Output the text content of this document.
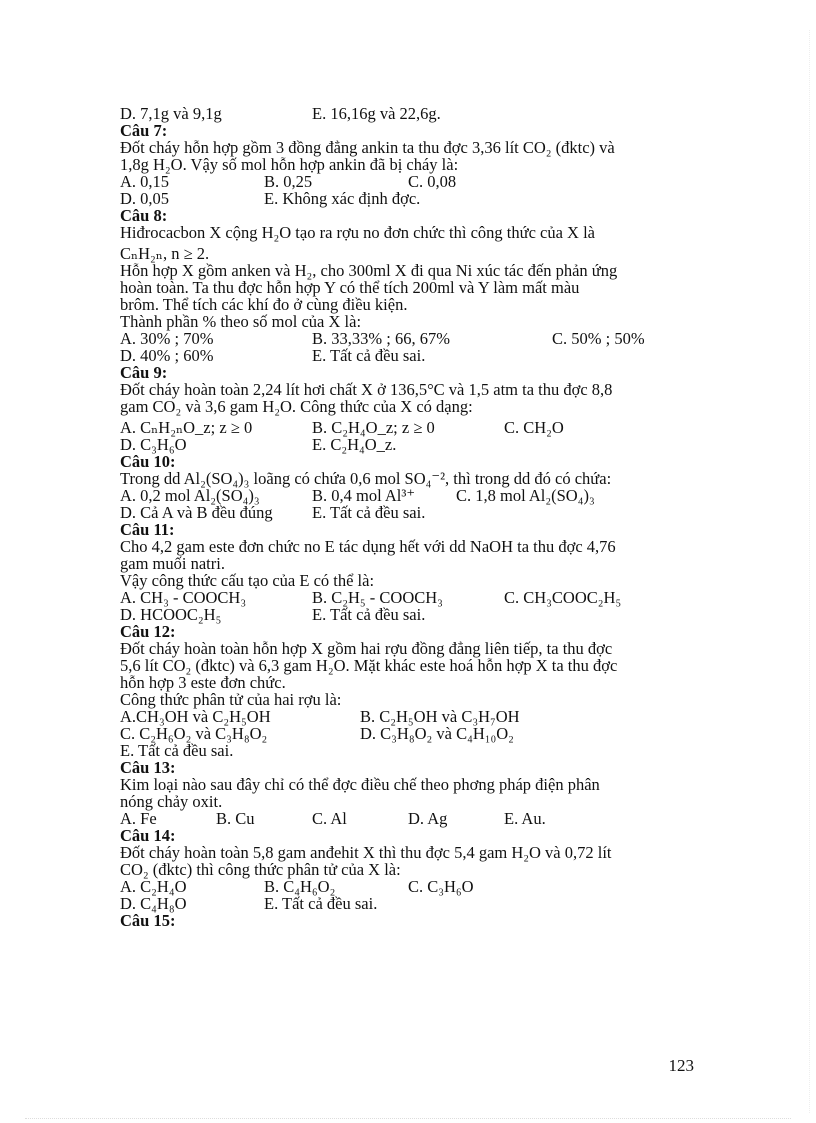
D. 7,1g và 9,1g	E. 16,16g và 22,6g.
Câu 7:
Đốt cháy hỗn hợp gồm 3 đồng đẳng ankin ta thu đợc 3,36 lít CO₂ (đktc) và
1,8g H₂O. Vậy số mol hỗn hợp ankin đã bị cháy là:
A. 0,15	B. 0,25	C. 0,08
D. 0,05	E. Không xác định đợc.
Câu 8:
Hiđrocacbon X cộng H₂O tạo ra rợu no đơn chức thì công thức của X là
CₙH₂ₙ, n ≥ 2.
Hỗn hợp X gồm anken và H₂, cho 300ml X đi qua Ni xúc tác đến phản ứng
hoàn toàn. Ta thu đợc hỗn hợp Y có thể tích 200ml và Y làm mất màu
brôm. Thể tích các khí đo ở cùng điều kiện.
Thành phần % theo số mol của X là:
A. 30% ; 70%	B. 33,33% ; 66, 67%	C. 50% ; 50%
D. 40% ; 60%	E. Tất cả đều sai.
Câu 9:
Đốt cháy hoàn toàn 2,24 lít hơi chất X ở 136,5°C và 1,5 atm ta thu đợc 8,8
gam CO₂ và 3,6 gam H₂O. Công thức của X có dạng:
A. CₙH₂ₙO_z; z ≥ 0	B. C₂H₄O_z; z ≥ 0	C. CH₂O
D. C₃H₆O	E. C₂H₄O_z.
Câu 10:
Trong dd Al₂(SO₄)₃ loãng có chứa 0,6 mol SO₄⁻², thì trong dd đó có chứa:
A. 0,2 mol Al₂(SO₄)₃	B. 0,4 mol Al³⁺	C. 1,8 mol Al₂(SO₄)₃
D. Cả A và B đều đúng	E. Tất cả đều sai.
Câu 11:
Cho 4,2 gam este đơn chức no E tác dụng hết với dd NaOH ta thu đợc 4,76
gam muối natri.
Vậy công thức cấu tạo của E có thể là:
A. CH₃ - COOCH₃	B. C₂H₅ - COOCH₃	C. CH₃COOC₂H₅
D. HCOOC₂H₅	E. Tất cả đều sai.
Câu 12:
Đốt cháy hoàn toàn hỗn hợp X gồm hai rợu đồng đẳng liên tiếp, ta thu đợc
5,6 lít CO₂ (đktc) và 6,3 gam H₂O. Mặt khác este hoá hỗn hợp X ta thu đợc
hỗn hợp 3 este đơn chức.
Công thức phân tử của hai rợu là:
A.CH₃OH và C₂H₅OH	B. C₂H₅OH và C₃H₇OH
C. C₂H₆O₂ và C₃H₈O₂	D. C₃H₈O₂ và C₄H₁₀O₂
E. Tất cả đều sai.
Câu 13:
Kim loại nào sau đây chỉ có thể đợc điều chế theo phơng pháp điện phân
nóng chảy oxit.
A. Fe	B. Cu	C. Al	D. Ag	E. Au.
Câu 14:
Đốt cháy hoàn toàn 5,8 gam anđehit X thì thu đợc 5,4 gam H₂O và 0,72 lít
CO₂ (đktc) thì công thức phân tử của X là:
A. C₂H₄O	B. C₄H₆O₂	C. C₃H₆O
D. C₄H₈O	E. Tất cả đều sai.
Câu 15:
123
